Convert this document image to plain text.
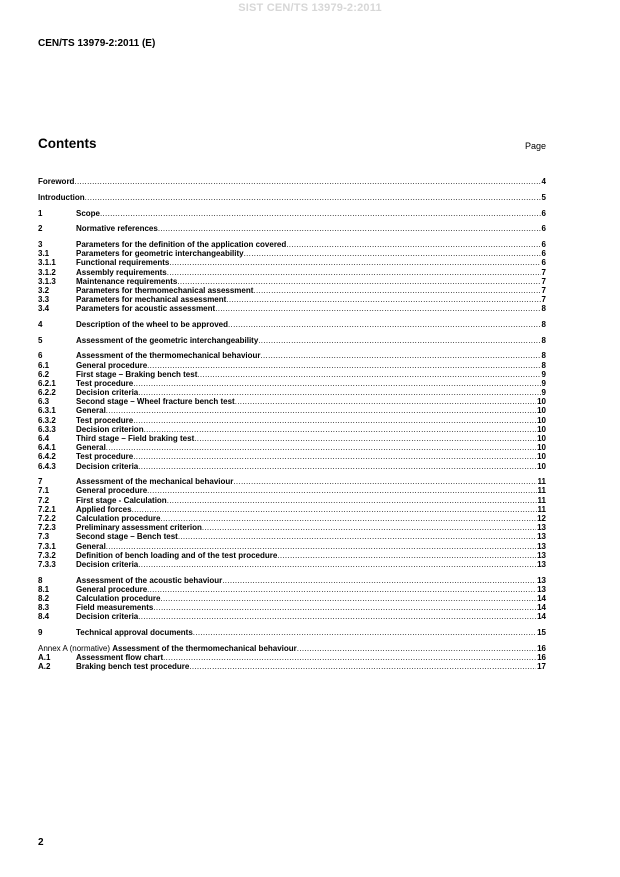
SIST CEN/TS 13979-2:2011
CEN/TS 13979-2:2011 (E)
Contents	Page
Foreword .....	4
Introduction .....	5
1	Scope .....	6
2	Normative references .....	6
3	Parameters for the definition of the application covered .....	6
3.1	Parameters for geometric interchangeability .....	6
3.1.1	Functional requirements .....	6
3.1.2	Assembly requirements .....	7
3.1.3	Maintenance requirements .....	7
3.2	Parameters for thermomechanical assessment .....	7
3.3	Parameters for mechanical assessment .....	7
3.4	Parameters for acoustic assessment .....	8
4	Description of the wheel to be approved .....	8
5	Assessment of the geometric interchangeability .....	8
6	Assessment of the thermomechanical behaviour .....	8
6.1	General procedure .....	8
6.2	First stage – Braking bench test .....	9
6.2.1	Test procedure .....	9
6.2.2	Decision criteria .....	9
6.3	Second stage – Wheel fracture bench test .....	10
6.3.1	General .....	10
6.3.2	Test procedure .....	10
6.3.3	Decision criterion .....	10
6.4	Third stage – Field braking test .....	10
6.4.1	General .....	10
6.4.2	Test procedure .....	10
6.4.3	Decision criteria .....	10
7	Assessment of the mechanical behaviour .....	11
7.1	General procedure .....	11
7.2	First stage - Calculation .....	11
7.2.1	Applied forces .....	11
7.2.2	Calculation procedure .....	12
7.2.3	Preliminary assessment criterion .....	13
7.3	Second stage – Bench test .....	13
7.3.1	General .....	13
7.3.2	Definition of bench loading and of the test procedure .....	13
7.3.3	Decision criteria .....	13
8	Assessment of the acoustic behaviour .....	13
8.1	General procedure .....	13
8.2	Calculation procedure .....	14
8.3	Field measurements .....	14
8.4	Decision criteria .....	14
9	Technical approval documents .....	15
Annex A (normative) Assessment of the thermomechanical behaviour .....	16
A.1	Assessment flow chart .....	16
A.2	Braking bench test procedure .....	17
2
